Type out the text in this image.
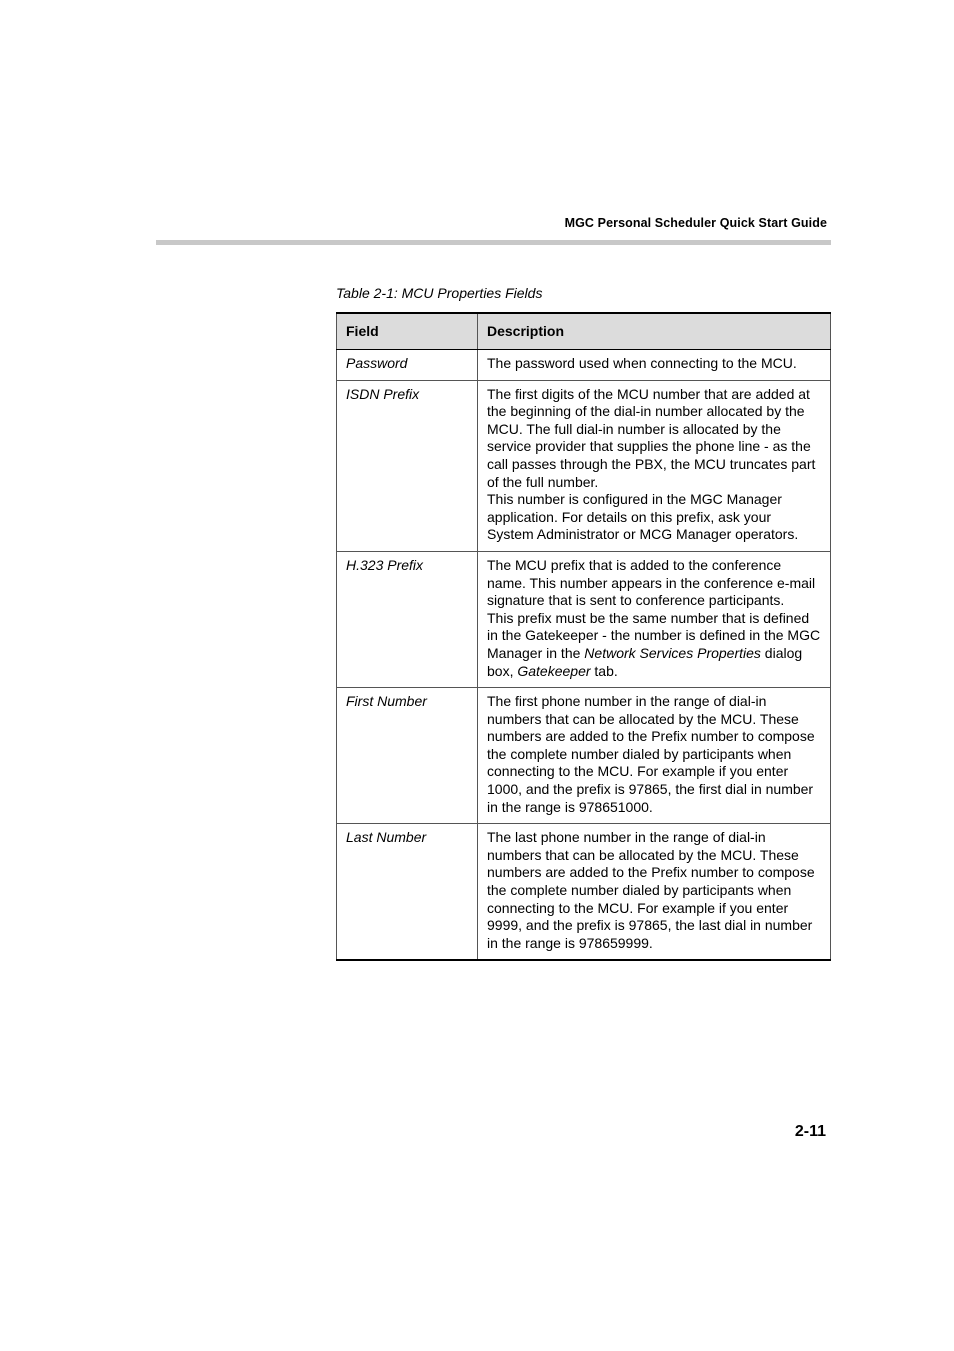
MGC Personal Scheduler Quick Start Guide
Table 2-1: MCU Properties Fields
Field	Description
Password	The password used when connecting to the MCU.

ISDN Prefix	The first digits of the MCU number that are added at the beginning of the dial-in number allocated by the MCU. The full dial-in number is allocated by the service provider that supplies the phone line - as the call passes through the PBX, the MCU truncates part of the full number.

This number is configured in the MGC Manager application. For details on this prefix, ask your System Administrator or MCG Manager operators.

H.323 Prefix	The MCU prefix that is added to the conference name. This number appears in the conference e-mail signature that is sent to conference participants.

This prefix must be the same number that is defined in the Gatekeeper - the number is defined in the MGC Manager in the Network Services Properties dialog box, Gatekeeper tab.

First Number	The first phone number in the range of dial-in numbers that can be allocated by the MCU. These numbers are added to the Prefix number to compose the complete number dialed by participants when connecting to the MCU. For example if you enter 1000, and the prefix is 97865, the first dial in number in the range is 978651000.

Last Number	The last phone number in the range of dial-in numbers that can be allocated by the MCU. These numbers are added to the Prefix number to compose the complete number dialed by participants when connecting to the MCU. For example if you enter 9999, and the prefix is 97865, the last dial in number in the range is 978659999.

2-11
